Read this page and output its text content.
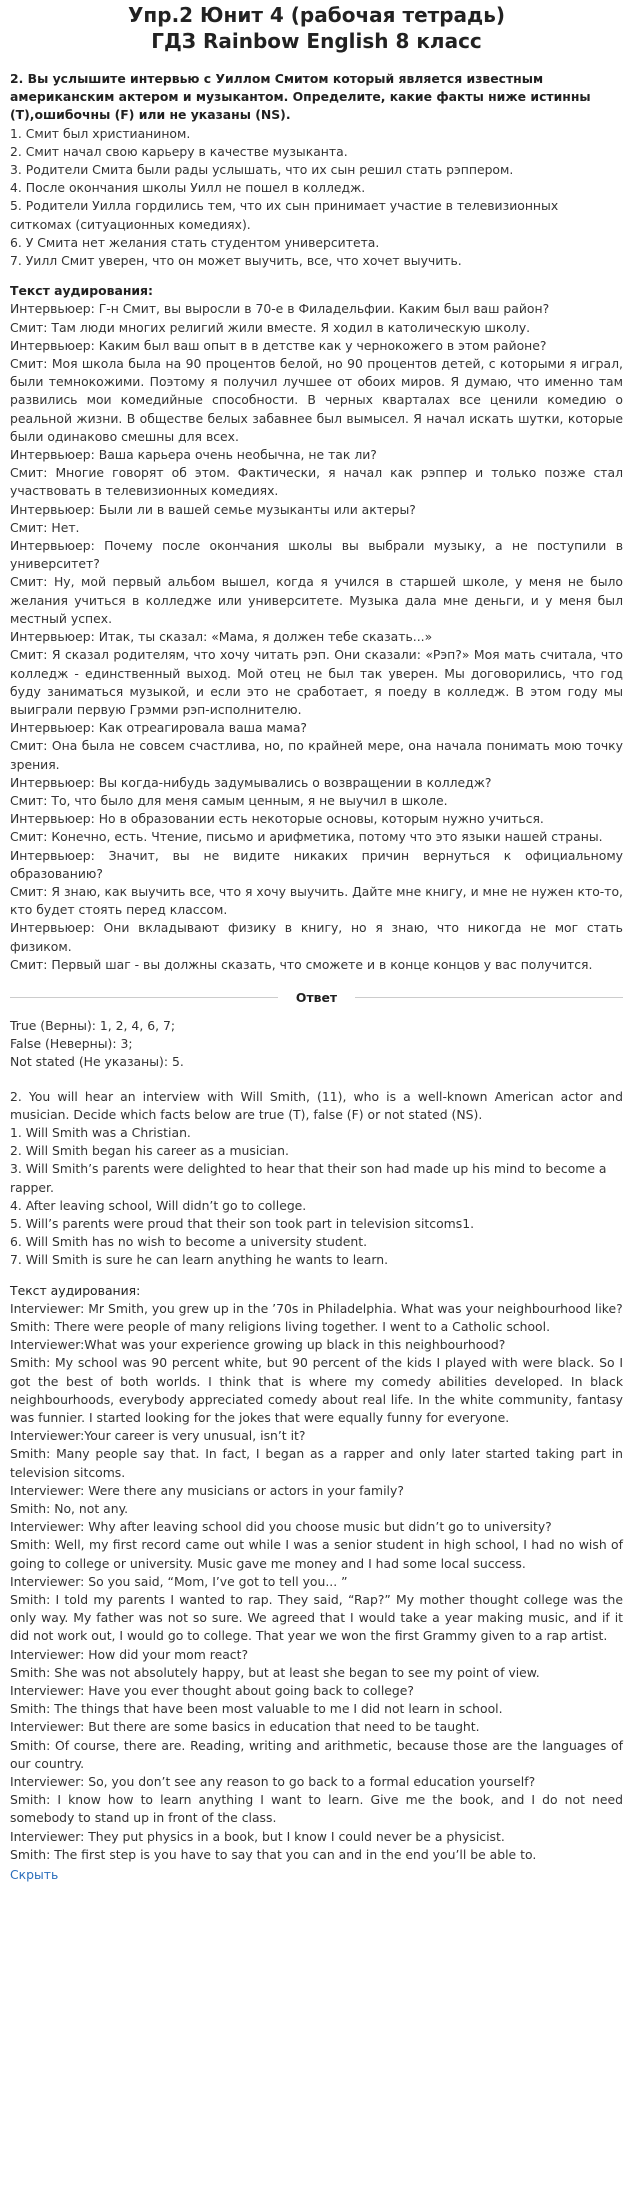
Упр.2 Юнит 4 (рабочая тетрадь)
ГДЗ Rainbow English 8 класс

2. Вы услышите интервью с Уиллом Смитом который является известным американским актером и музыкантом. Определите, какие факты ниже истинны (T),ошибочны (F) или не указаны (NS).

1. Смит был христианином.

2. Смит начал свою карьеру в качестве музыканта.

3. Родители Смита были рады услышать, что их сын решил стать рэппером.

4. После окончания школы Уилл не пошел в колледж.

5. Родители Уилла гордились тем, что их сын принимает участие в телевизионных ситкомах (ситуационных комедиях).

6. У Смита нет желания стать студентом университета.

7. Уилл Смит уверен, что он может выучить, все, что хочет выучить.

Текст аудирования:

Интервьюер: Г-н Смит, вы выросли в 70-е в Филадельфии. Каким был ваш район?

Смит: Там люди многих религий жили вместе. Я ходил в католическую школу.

Интервьюер: Каким был ваш опыт в в детстве как у чернокожего в этом районе?

Смит: Моя школа была на 90 процентов белой, но 90 процентов детей, с которыми я играл, были темнокожими. Поэтому я получил лучшее от обоих миров. Я думаю, что именно там развились мои комедийные способности. В черных кварталах все ценили комедию о реальной жизни. В обществе белых забавнее был вымысел. Я начал искать шутки, которые были одинаково смешны для всех.

Интервьюер: Ваша карьера очень необычна, не так ли?

Смит: Многие говорят об этом. Фактически, я начал как рэппер и только позже стал участвовать в телевизионных комедиях.

Интервьюер: Были ли в вашей семье музыканты или актеры?

Смит: Нет.

Интервьюер: Почему после окончания школы вы выбрали музыку, а не поступили в университет?

Смит: Ну, мой первый альбом вышел, когда я учился в старшей школе, у меня не было желания учиться в колледже или университете. Музыка дала мне деньги, и у меня был местный успех.

Интервьюер: Итак, ты сказал: «Мама, я должен тебе сказать...»

Смит: Я сказал родителям, что хочу читать рэп. Они сказали: «Рэп?» Моя мать считала, что колледж - единственный выход. Мой отец не был так уверен. Мы договорились, что год буду заниматься музыкой, и если это не сработает, я поеду в колледж. В этом году мы выиграли первую Грэмми рэп-исполнителю.

Интервьюер: Как отреагировала ваша мама?

Смит: Она была не совсем счастлива, но, по крайней мере, она начала понимать мою точку зрения.

Интервьюер: Вы когда-нибудь задумывались о возвращении в колледж?

Смит: То, что было для меня самым ценным, я не выучил в школе.

Интервьюер: Но в образовании есть некоторые основы, которым нужно учиться.

Смит: Конечно, есть. Чтение, письмо и арифметика, потому что это языки нашей страны.

Интервьюер: Значит, вы не видите никаких причин вернуться к официальному образованию?

Смит: Я знаю, как выучить все, что я хочу выучить. Дайте мне книгу, и мне не нужен кто-то, кто будет стоять перед классом.

Интервьюер: Они вкладывают физику в книгу, но я знаю, что никогда не мог стать физиком.

Смит: Первый шаг - вы должны сказать, что сможете и в конце концов у вас получится.

Ответ

True (Верны): 1, 2, 4, 6, 7;

False (Неверны): 3;

Not stated (Не указаны): 5.

2. You will hear an interview with Will Smith, (11), who is a well-known American actor and musician. Decide which facts below are true (T), false (F) or not stated (NS).

1. Will Smith was a Christian.

2. Will Smith began his career as a musician.

3. Will Smith’s parents were delighted to hear that their son had made up his mind to become a rapper.

4. After leaving school, Will didn’t go to college.

5. Will’s parents were proud that their son took part in television sitcoms1.

6. Will Smith has no wish to become a university student.

7. Will Smith is sure he can learn anything he wants to learn.

Текст аудирования:

Interviewer: Mr Smith, you grew up in the ’70s in Philadelphia. What was your neighbourhood like?

Smith: There were people of many religions living together. I went to a Catholic school.

Interviewer:What was your experience growing up black in this neighbourhood?

Smith: My school was 90 percent white, but 90 percent of the kids I played with were black. So I got the best of both worlds. I think that is where my comedy abilities developed. In black neighbourhoods, everybody appreciated comedy about real life. In the white community, fantasy was funnier. I started looking for the jokes that were equally funny for everyone.

Interviewer:Your career is very unusual, isn’t it?

Smith: Many people say that. In fact, I began as a rapper and only later started taking part in television sitcoms.

Interviewer: Were there any musicians or actors in your family?

Smith: No, not any.

Interviewer: Why after leaving school did you choose music but didn’t go to university?

Smith: Well, my first record came out while I was a senior student in high school, I had no wish of going to college or university. Music gave me money and I had some local success.

Interviewer: So you said, “Mom, I’ve got to tell you... ”

Smith: I told my parents I wanted to rap. They said, “Rap?” My mother thought college was the only way. My father was not so sure. We agreed that I would take a year making music, and if it did not work out, I would go to college. That year we won the first Grammy given to a rap artist.

Interviewer: How did your mom react?

Smith: She was not absolutely happy, but at least she began to see my point of view.

Interviewer: Have you ever thought about going back to college?

Smith: The things that have been most valuable to me I did not learn in school.

Interviewer: But there are some basics in education that need to be taught.

Smith: Of course, there are. Reading, writing and arithmetic, because those are the languages of our country.

Interviewer: So, you don’t see any reason to go back to a formal education yourself?

Smith: I know how to learn anything I want to learn. Give me the book, and I do not need somebody to stand up in front of the class.

Interviewer: They put physics in a book, but I know I could never be a physicist.

Smith: The first step is you have to say that you can and in the end you’ll be able to.

Скрыть
